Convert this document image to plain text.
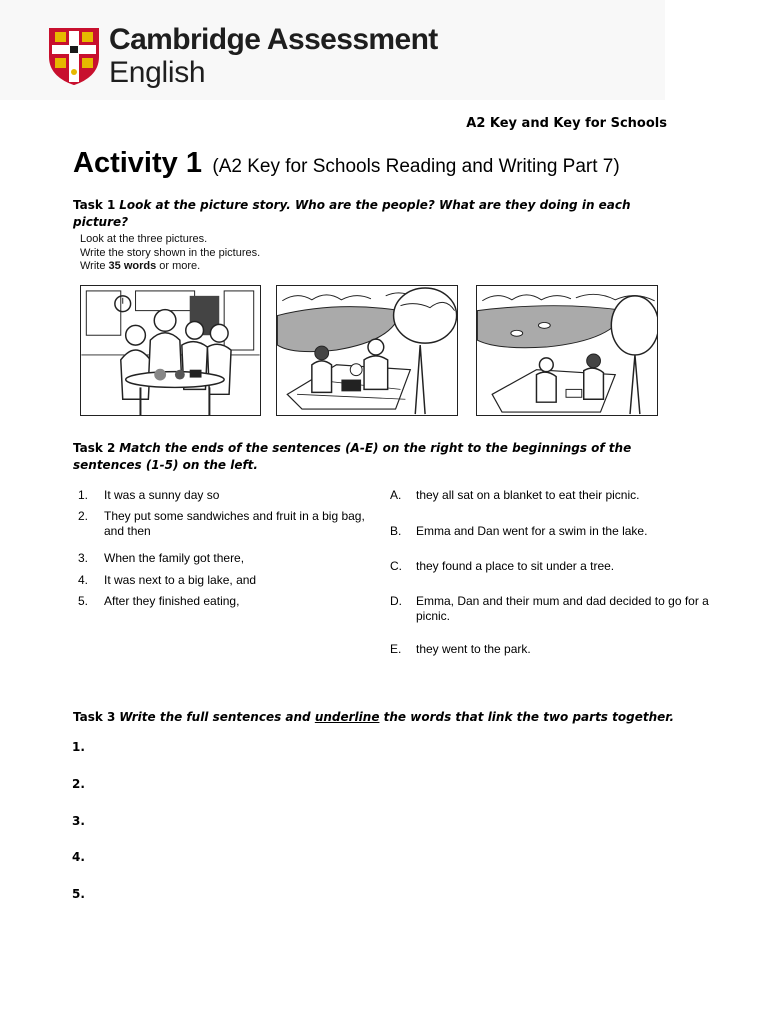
Cambridge Assessment
English
A2 Key and Key for Schools
Activity 1 (A2 Key for Schools Reading and Writing Part 7)
Task 1 Look at the picture story. Who are the people? What are they doing in each picture?
Look at the three pictures.
Write the story shown in the pictures.
Write 35 words or more.
Task 2 Match the ends of the sentences (A-E) on the right to the beginnings of the sentences (1-5) on the left.
1.	It was a sunny day so
2.	They put some sandwiches and fruit in a big bag, and then
3.	When the family got there,
4.	It was next to a big lake, and
5.	After they finished eating,
A.	they all sat on a blanket to eat their picnic.
B.	Emma and Dan went for a swim in the lake.
C.	they found a place to sit under a tree.
D.	Emma, Dan and their mum and dad decided to go for a picnic.
E.	they went to the park.
Task 3 Write the full sentences and underline the words that link the two parts together.
1.
2.
3.
4.
5.
